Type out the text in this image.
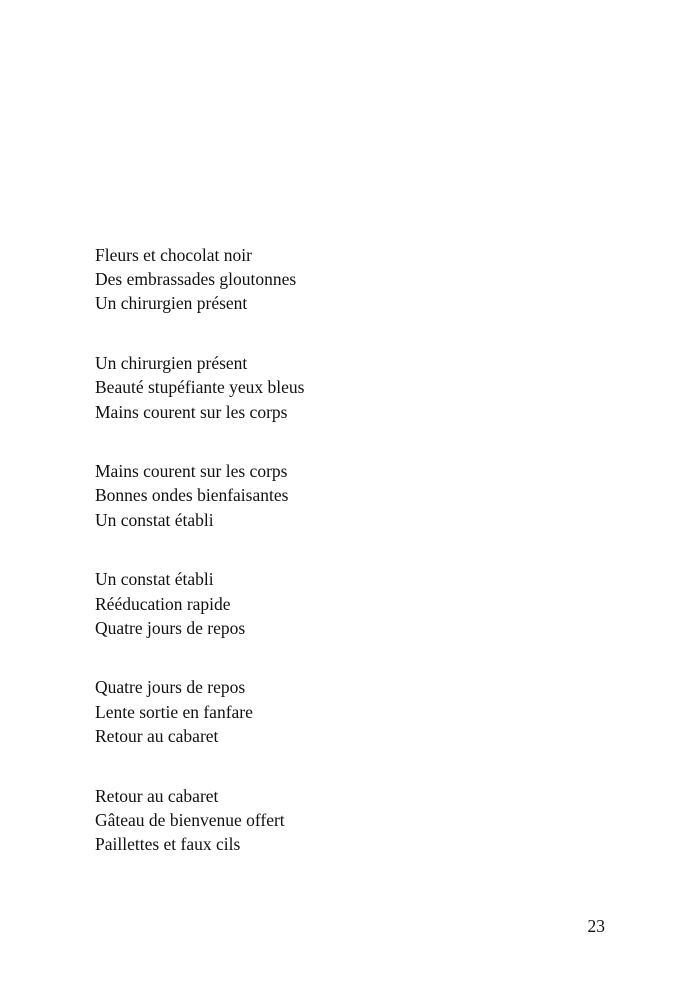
Fleurs et chocolat noir
Des embrassades gloutonnes
Un chirurgien présent
Un chirurgien présent
Beauté stupéfiante yeux bleus
Mains courent sur les corps
Mains courent sur les corps
Bonnes ondes bienfaisantes
Un constat établi
Un constat établi
Rééducation rapide
Quatre jours de repos
Quatre jours de repos
Lente sortie en fanfare
Retour au cabaret
Retour au cabaret
Gâteau de bienvenue offert
Paillettes et faux cils
23
